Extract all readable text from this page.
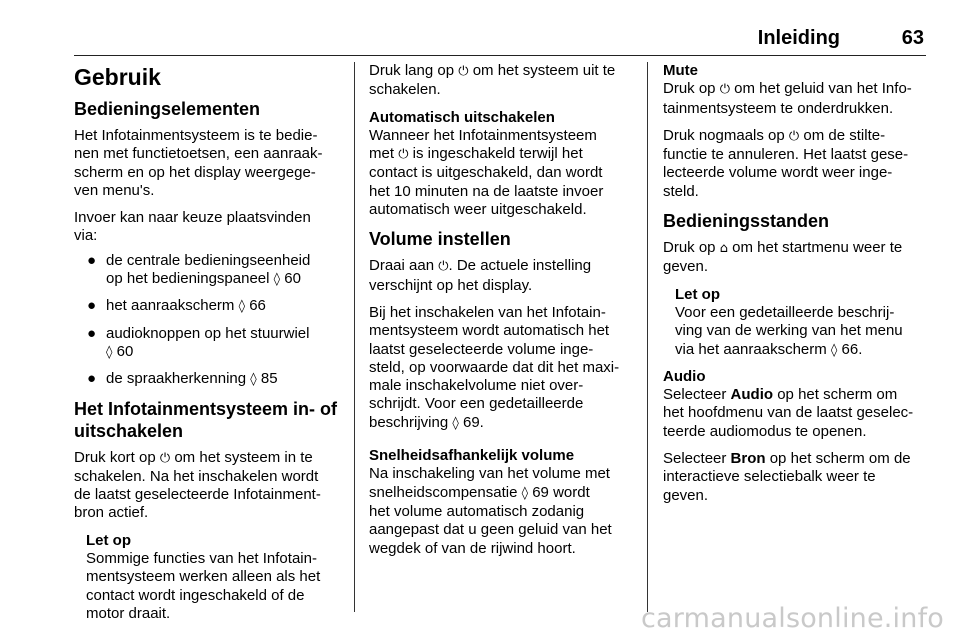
Inleiding	63
Gebruik
Bedieningselementen

Het Infotainmentsysteem is te bedie-
nen met functietoetsen, een aanraak-
scherm en op het display weergege-
ven menu's.

Invoer kan naar keuze plaatsvinden
via:

● de centrale bedieningseenheid
op het bedieningspaneel ◊ 60
● het aanraakscherm ◊ 66
● audioknoppen op het stuurwiel
◊ 60
● de spraakherkenning ◊ 85
Het Infotainmentsysteem in- of
uitschakelen

Druk kort op ⏻ om het systeem in te
schakelen. Na het inschakelen wordt
de laatst geselecteerde Infotainment-
bron actief.

Let op
Sommige functies van het Infotain-
mentsysteem werken alleen als het
contact wordt ingeschakeld of de
motor draait.

Druk lang op ⏻ om het systeem uit te
schakelen.

Automatisch uitschakelen
Wanneer het Infotainmentsysteem
met ⏻ is ingeschakeld terwijl het
contact is uitgeschakeld, dan wordt
het 10 minuten na de laatste invoer
automatisch weer uitgeschakeld.

Volume instellen

Draai aan ⏻. De actuele instelling
verschijnt op het display.

Bij het inschakelen van het Infotain-
mentsysteem wordt automatisch het
laatst geselecteerde volume inge-
steld, op voorwaarde dat dit het maxi-
male inschakelvolume niet over-
schrijdt. Voor een gedetailleerde
beschrijving ◊ 69.

Snelheidsafhankelijk volume
Na inschakeling van het volume met
snelheidscompensatie ◊ 69 wordt
het volume automatisch zodanig
aangepast dat u geen geluid van het
wegdek of van de rijwind hoort.

Mute
Druk op ⏻ om het geluid van het Info-
tainmentsysteem te onderdrukken.

Druk nogmaals op ⏻ om de stilte-
functie te annuleren. Het laatst gese-
lecteerde volume wordt weer inge-
steld.

Bedieningsstanden

Druk op ⌂ om het startmenu weer te
geven.

Let op
Voor een gedetailleerde beschrij-
ving van de werking van het menu
via het aanraakscherm ◊ 66.

Audio
Selecteer Audio op het scherm om
het hoofdmenu van de laatst geselec-
teerde audiomodus te openen.

Selecteer Bron op het scherm om de
interactieve selectiebalk weer te
geven.

carmanualsonline.info
